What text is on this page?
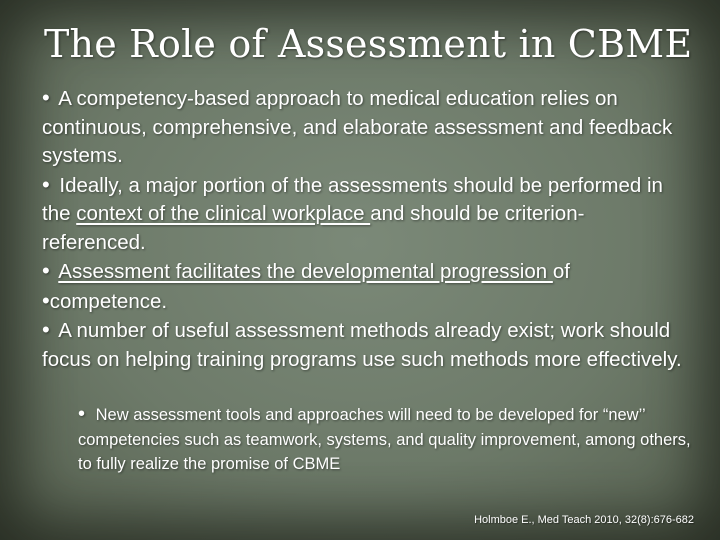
The Role of Assessment in CBME

• A competency-based approach to medical education relies on continuous, comprehensive, and elaborate assessment and feedback systems.

• Ideally, a major portion of the assessments should be performed in the context of the clinical workplace and should be criterion-referenced.

• Assessment facilitates the developmental progression of

•competence.

• A number of useful assessment methods already exist; work should focus on helping training programs use such methods more effectively.

• New assessment tools and approaches will need to be developed for “new’’ competencies such as teamwork, systems, and quality improvement, among others, to fully realize the promise of CBME
Holmboe E., Med Teach 2010, 32(8):676-682
